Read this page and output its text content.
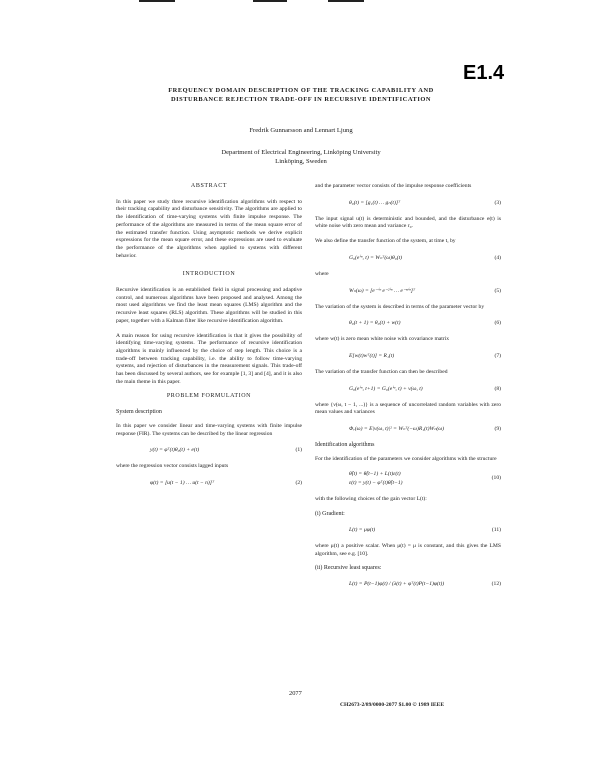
E1.4
FREQUENCY DOMAIN DESCRIPTION OF THE TRACKING CAPABILITY AND
DISTURBANCE REJECTION TRADE-OFF IN RECURSIVE IDENTIFICATION
Fredrik Gunnarsson and Lennart Ljung
Department of Electrical Engineering, Linköping University
Linköping, Sweden
ABSTRACT

In this paper we study three recursive identification algorithms with respect to their tracking capability and disturbance sensitivity. The algorithms are applied to the identification of time-varying systems with finite impulse response. The performance of the algorithms are measured in terms of the mean square error of the estimated transfer function. Using asymptotic methods we derive explicit expressions for the mean square error, and these expressions are used to evaluate the performance of the algorithms when applied to systems with different behavior.

INTRODUCTION

Recursive identification is an established field in signal processing and adaptive control, and numerous algorithms have been proposed and analysed. Among the most used algorithms we find the least mean squares (LMS) algorithm and the recursive least squares (RLS) algorithm. These algorithms will be studied in this paper, together with a Kalman filter like recursive identification algorithm.

A main reason for using recursive identification is that it gives the possibility of identifying time-varying systems. The performance of recursive identification algorithms is mainly influenced by the choice of step length. This choice is a trade-off between tracking capability, i.e. the ability to follow time-varying systems, and rejection of disturbances in the measurement signals. This trade-off has been discussed by several authors, see for example [1, 3] and [4], and it is also the main theme in this paper.

PROBLEM FORMULATION
System description

In this paper we consider linear and time-varying systems with finite impulse response (FIR). The systems can be described by the linear regression

y(t) = φᵀ(t)θ₀(t) + e(t)	(1)

where the regression vector consists lagged inputs

φ(t) = [u(t − 1) … u(t − n)]ᵀ	(2)

and the parameter vector consists of the impulse response coefficients

θ₀(t) = [g₁(t) … gₙ(t)]ᵀ	(3)

The input signal u(t) is deterministic and bounded, and the disturbance e(t) is white noise with zero mean and variance r₀.

We also define the transfer function of the system, at time t, by

G₀(eⁱʷ, t) = Wₙᵀ(ω)θ₀(t)	(4)

where

Wₙ(ω) = [e⁻ⁱʷ e⁻²ⁱʷ … e⁻ⁿⁱʷ]ᵀ	(5)

The variation of the system is described in terms of the parameter vector by

θ₀(t + 1) = θ₀(t) + w(t)	(6)

where w(t) is zero mean white noise with covariance matrix

E[w(t)wᵀ(t)] = R₁(t)	(7)

The variation of the transfer function can then be described

G₀(eⁱʷ, t+1) = G₀(eⁱʷ, t) + ν(ω, t)	(8)

where {ν(ω, t − 1, ...)} is a sequence of uncorrelated random variables with zero mean values and variances

Φᵥ(ω) = E|ν(ω, t)|² = Wₙᵀ(−ω)R₁(t)Wₙ(ω)	(9)
Identification algorithms

For the identification of the parameters we consider algorithms with the structure

θ̂(t) = θ̂(t−1) + L(t)ε(t)
ε(t) = y(t) − φᵀ(t)θ̂(t−1)
(10)

with the following choices of the gain vector L(t):

(i) Gradient:
L(t) = μφ(t)	(11)

where μ(t) a positive scalar. When μ(t) = μ is constant, and this gives the LMS algorithm, see e.g. [10].

(ii) Recursive least squares:
L(t) = P(t−1)φ(t) / (λ(t) + φᵀ(t)P(t−1)φ(t))	(12)
2077
CH2673-2/89/0000-2077 $1.00 © 1989 IEEE
